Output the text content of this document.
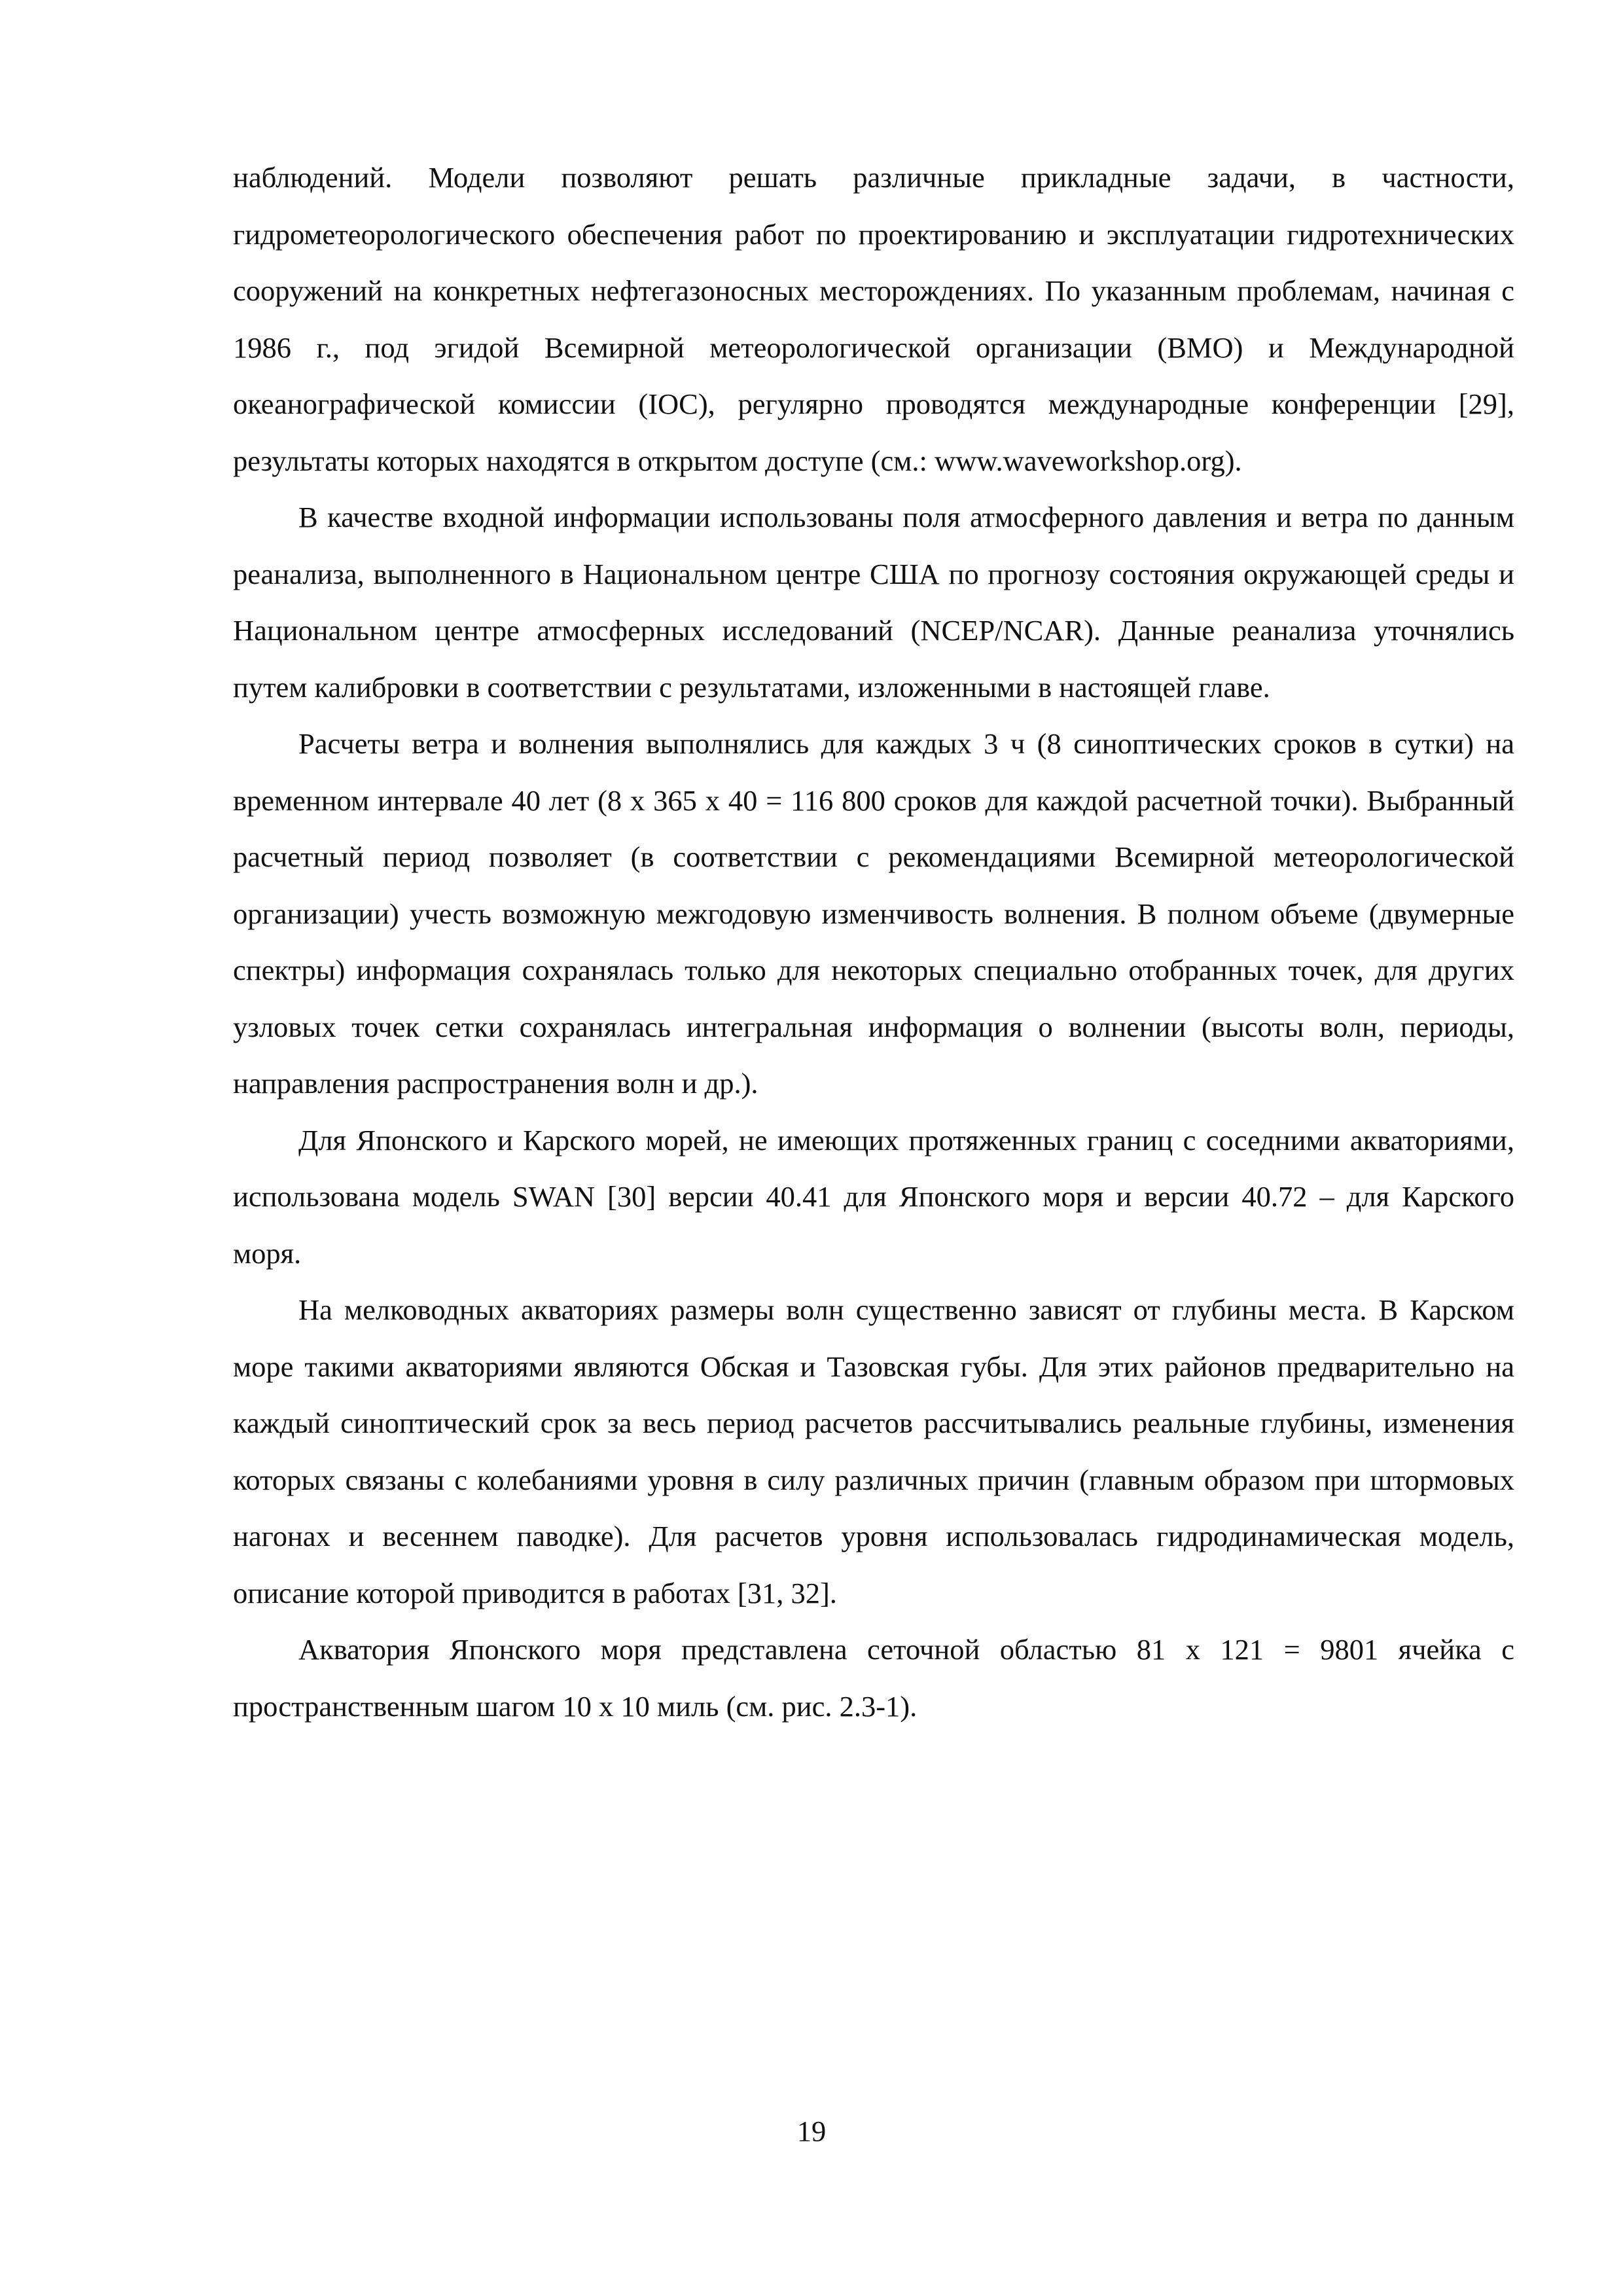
наблюдений. Модели позволяют решать различные прикладные задачи, в частности, гидрометеорологического обеспечения работ по проектированию и эксплуатации гидротехнических сооружений на конкретных нефтегазоносных месторождениях. По указанным проблемам, начиная с 1986 г., под эгидой Всемирной метеорологической организации (ВМО) и Международной океанографической комиссии (IOC), регулярно проводятся международные конференции [29], результаты которых находятся в открытом доступе (см.: www.waveworkshop.org).

В качестве входной информации использованы поля атмосферного давления и ветра по данным реанализа, выполненного в Национальном центре США по прогнозу состояния окружающей среды и Национальном центре атмосферных исследований (NCEP/NCAR). Данные реанализа уточнялись путем калибровки в соответствии с результатами, изложенными в настоящей главе.

Расчеты ветра и волнения выполнялись для каждых 3 ч (8 синоптических сроков в сутки) на временном интервале 40 лет (8 х 365 х 40 = 116 800 сроков для каждой расчетной точки). Выбранный расчетный период позволяет (в соответствии с рекомендациями Всемирной метеорологической организации) учесть возможную межгодовую изменчивость волнения. В полном объеме (двумерные спектры) информация сохранялась только для некоторых специально отобранных точек, для других узловых точек сетки сохранялась интегральная информация о волнении (высоты волн, периоды, направления распространения волн и др.).

Для Японского и Карского морей, не имеющих протяженных границ с соседними акваториями, использована модель SWAN [30] версии 40.41 для Японского моря и версии 40.72 – для Карского моря.

На мелководных акваториях размеры волн существенно зависят от глубины места. В Карском море такими акваториями являются Обская и Тазовская губы. Для этих районов предварительно на каждый синоптический срок за весь период расчетов рассчитывались реальные глубины, изменения которых связаны с колебаниями уровня в силу различных причин (главным образом при штормовых нагонах и весеннем паводке). Для расчетов уровня использовалась гидродинамическая модель, описание которой приводится в работах [31, 32].

Акватория Японского моря представлена сеточной областью 81 х 121 = 9801 ячейка с пространственным шагом 10 х 10 миль (см. рис. 2.3-1).

19
